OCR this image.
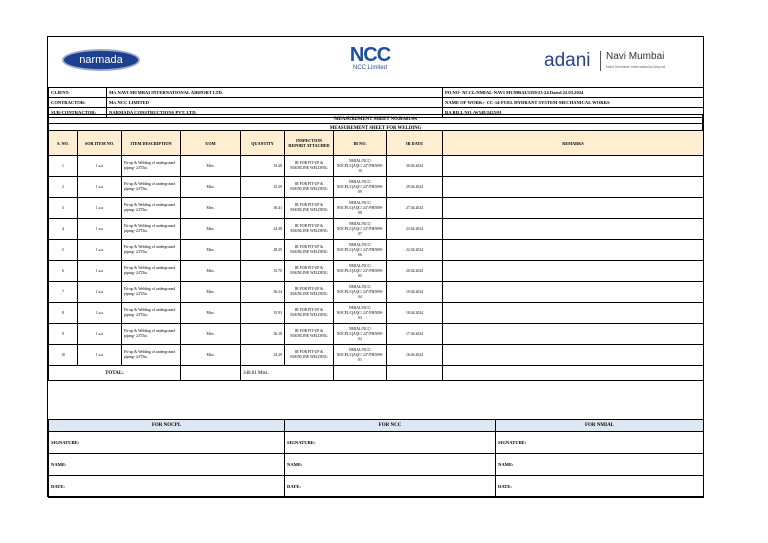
narmada	NCC
NCC Limited	adani Navi Mumbai
Navi Mumbai International Airport
CLIENT:	M/s NAVI MUMBAI INTERNATIONAL AIRPORT LTD.	PO.NO- NCCL/NMIAL-NAVI MUMBAI/3359/23-24 Dated 22.03.2024
CONTRACTOR:	M/s NCC LIMITED	NAME OF WORK:- CC-14-FUEL HYDRANT SYSTEM-MECHANICAL WORKS
SUB-CONTRACTOR:	NARMADA CONSTRUCTIONS PVT. LTD.	RA BILL NO.:W549/2425/01
MEASUREMENT SHEET NO.RA01/04
MEASUREMENT SHEET FOR WELDING
S. NO.	SOR ITEM NO.	ITEM DESCRIPTION	UOM	QUANTITY	INSPECTION REPORT ATTACHED	IR NO.	IR DATE	REMARKS
1	1.a.a	Fit-up & Welding of underground piping- 24"Dia.	Mtrs.	33.28	IR FOR FIT-UP & MAINLINE WELDING	NMIAL/NCC/ NOCPL/QAQC/ 24"/FH/MW-10	30.04.2024	
2	1.a.a	Fit-up & Welding of underground piping- 24"Dia.	Mtrs.	35.29	IR FOR FIT-UP & MAINLINE WELDING	NMIAL/NCC/ NOCPL/QAQC/ 24"/FH/MW-09	29.04.2024	
3	1.a.a	Fit-up & Welding of underground piping- 24"Dia.	Mtrs.	36.41	IR FOR FIT-UP & MAINLINE WELDING	NMIAL/NCC/ NOCPL/QAQC/ 24"/FH/MW-08	27.04.2024	
4	1.a.a	Fit-up & Welding of underground piping- 24"Dia.	Mtrs.	24.38	IR FOR FIT-UP & MAINLINE WELDING	NMIAL/NCC/ NOCPL/QAQC/ 24"/FH/MW-07	23.04.2024	
5	1.a.a	Fit-up & Welding of underground piping- 24"Dia.	Mtrs.	48.29	IR FOR FIT-UP & MAINLINE WELDING	NMIAL/NCC/ NOCPL/QAQC/ 24"/FH/MW-06	22.04.2024	
6	1.a.a	Fit-up & Welding of underground piping- 24"Dia.	Mtrs.	35.70	IR FOR FIT-UP & MAINLINE WELDING	NMIAL/NCC/ NOCPL/QAQC/ 24"/FH/MW-05	20.04.2024	
7	1.a.a	Fit-up & Welding of underground piping- 24"Dia.	Mtrs.	36.24	IR FOR FIT-UP & MAINLINE WELDING	NMIAL/NCC/ NOCPL/QAQC/ 24"/FH/MW-04	19.04.2024	
8	1.a.a	Fit-up & Welding of underground piping- 24"Dia.	Mtrs.	35.93	IR FOR FIT-UP & MAINLINE WELDING	NMIAL/NCC/ NOCPL/QAQC/ 24"/FH/MW-03	18.04.2024	
9	1.a.a	Fit-up & Welding of underground piping- 24"Dia.	Mtrs.	36.18	IR FOR FIT-UP & MAINLINE WELDING	NMIAL/NCC/ NOCPL/QAQC/ 24"/FH/MW-02	17.04.2024	
10	1.a.a	Fit-up & Welding of underground piping- 24"Dia.	Mtrs.	24.29	IR FOR FIT-UP & MAINLINE WELDING	NMIAL/NCC/ NOCPL/QAQC/ 24"/FH/MW-01	16.04.2024	
TOTAL:				340.01 Mtrs.				
FOR NOCPL	FOR NCC	FOR NMIAL
SIGNATURE:	SIGNATURE:	SIGNATURE:
NAME:	NAME:	NAME:
DATE:	DATE:	DATE:
